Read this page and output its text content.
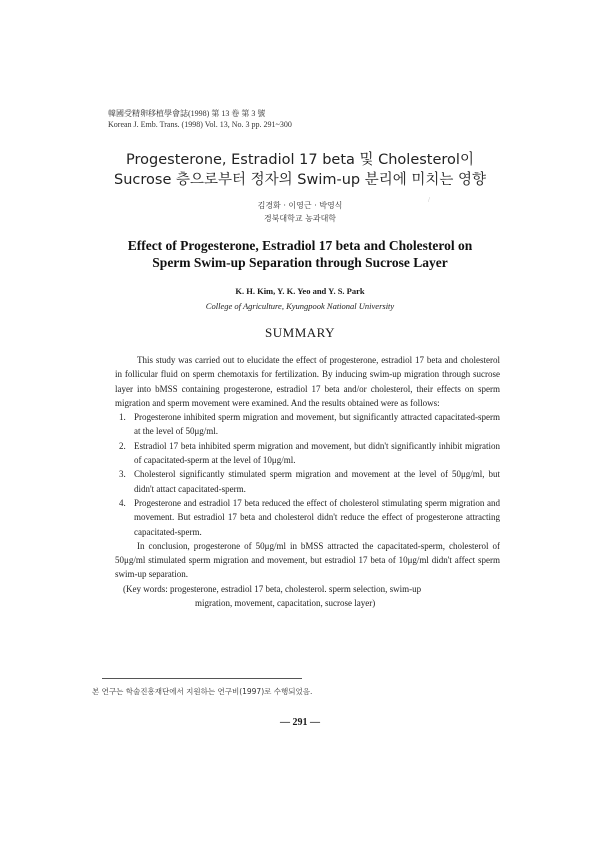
韓國受精卵移植學會誌(1998) 第 13 卷 第 3 號
Korean J. Emb. Trans. (1998) Vol. 13, No. 3 pp. 291~300
Progesterone, Estradiol 17 beta 및 Cholesterol이
Sucrose 층으로부터 정자의 Swim-up 분리에 미치는 영향
/
김경화 · 이영근 · 박영식
경북대학교 농과대학
Effect of Progesterone, Estradiol 17 beta and Cholesterol on
Sperm Swim-up Separation through Sucrose Layer
K. H. Kim, Y. K. Yeo and Y. S. Park
College of Agriculture, Kyungpook National University
SUMMARY

This study was carried out to elucidate the effect of progesterone, estradiol 17 beta and cholesterol in follicular fluid on sperm chemotaxis for fertilization. By inducing swim-up migration through sucrose layer into bMSS containing progesterone, estradiol 17 beta and/or cholesterol, their effects on sperm migration and sperm movement were examined. And the results obtained were as follows:

1. Progesterone inhibited sperm migration and movement, but significantly attracted capacitated-sperm at the level of 50μg/ml.
2. Estradiol 17 beta inhibited sperm migration and movement, but didn't significantly inhibit migration of capacitated-sperm at the level of 10μg/ml.
3. Cholesterol significantly stimulated sperm migration and movement at the level of 50μg/ml, but didn't attact capacitated-sperm.
4. Progesterone and estradiol 17 beta reduced the effect of cholesterol stimulating sperm migration and movement. But estradiol 17 beta and cholesterol didn't reduce the effect of progesterone attracting capacitated-sperm.

In conclusion, progesterone of 50μg/ml in bMSS attracted the capacitated-sperm, cholesterol of 50μg/ml stimulated sperm migration and movement, but estradiol 17 beta of 10μg/ml didn't affect sperm swim-up separation.

(Key words: progesterone, estradiol 17 beta, cholesterol. sperm selection, swim-up
migration, movement, capacitation, sucrose layer)

본 연구는 학술진흥재단에서 지원하는 연구비(1997)로 수행되었음.
— 291 —
